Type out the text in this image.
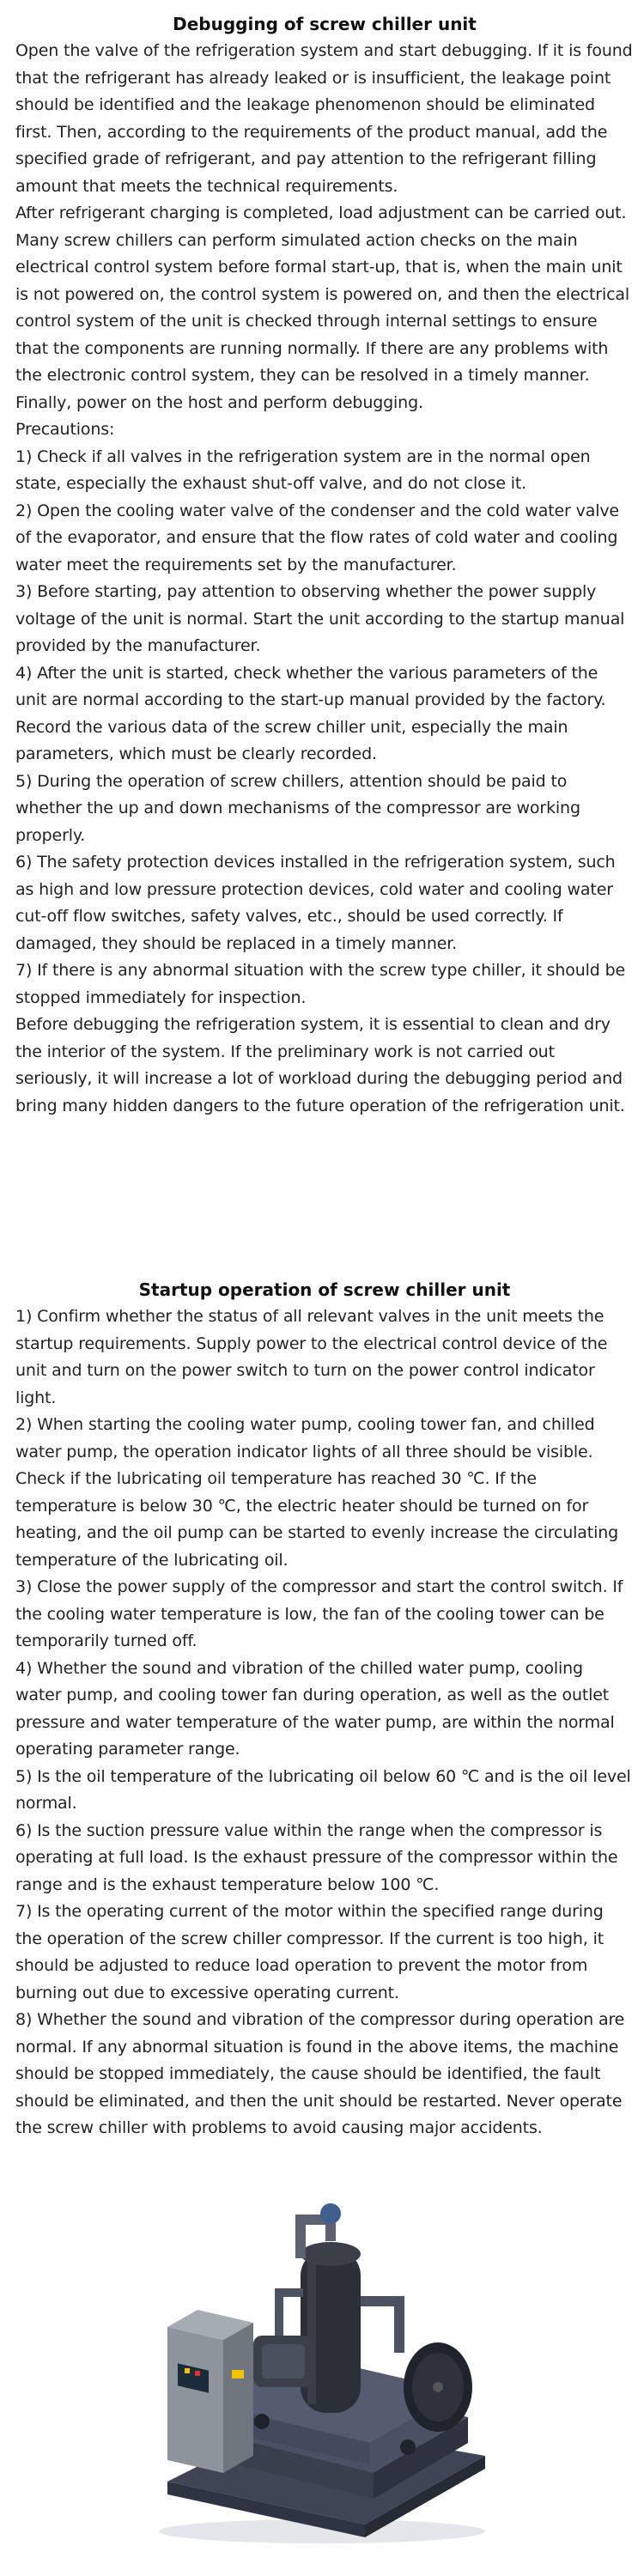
Debugging of screw chiller unit

Open the valve of the refrigeration system and start debugging. If it is found that the refrigerant has already leaked or is insufficient, the leakage point should be identified and the leakage phenomenon should be eliminated first. Then, according to the requirements of the product manual, add the specified grade of refrigerant, and pay attention to the refrigerant filling amount that meets the technical requirements.

After refrigerant charging is completed, load adjustment can be carried out. Many screw chillers can perform simulated action checks on the main electrical control system before formal start-up, that is, when the main unit is not powered on, the control system is powered on, and then the electrical control system of the unit is checked through internal settings to ensure that the components are running normally. If there are any problems with the electronic control system, they can be resolved in a timely manner. Finally, power on the host and perform debugging.

Precautions:

1) Check if all valves in the refrigeration system are in the normal open state, especially the exhaust shut-off valve, and do not close it.

2) Open the cooling water valve of the condenser and the cold water valve of the evaporator, and ensure that the flow rates of cold water and cooling water meet the requirements set by the manufacturer.

3) Before starting, pay attention to observing whether the power supply voltage of the unit is normal. Start the unit according to the startup manual provided by the manufacturer.

4) After the unit is started, check whether the various parameters of the unit are normal according to the start-up manual provided by the factory. Record the various data of the screw chiller unit, especially the main parameters, which must be clearly recorded.

5) During the operation of screw chillers, attention should be paid to whether the up and down mechanisms of the compressor are working properly.

6) The safety protection devices installed in the refrigeration system, such as high and low pressure protection devices, cold water and cooling water cut-off flow switches, safety valves, etc., should be used correctly. If damaged, they should be replaced in a timely manner.

7) If there is any abnormal situation with the screw type chiller, it should be stopped immediately for inspection.

Before debugging the refrigeration system, it is essential to clean and dry the interior of the system. If the preliminary work is not carried out seriously, it will increase a lot of workload during the debugging period and bring many hidden dangers to the future operation of the refrigeration unit.

Startup operation of screw chiller unit

1) Confirm whether the status of all relevant valves in the unit meets the startup requirements. Supply power to the electrical control device of the unit and turn on the power switch to turn on the power control indicator light.

2) When starting the cooling water pump, cooling tower fan, and chilled water pump, the operation indicator lights of all three should be visible. Check if the lubricating oil temperature has reached 30 ℃. If the temperature is below 30 ℃, the electric heater should be turned on for heating, and the oil pump can be started to evenly increase the circulating temperature of the lubricating oil.

3) Close the power supply of the compressor and start the control switch. If the cooling water temperature is low, the fan of the cooling tower can be temporarily turned off.

4) Whether the sound and vibration of the chilled water pump, cooling water pump, and cooling tower fan during operation, as well as the outlet pressure and water temperature of the water pump, are within the normal operating parameter range.

5) Is the oil temperature of the lubricating oil below 60 ℃ and is the oil level normal.

6) Is the suction pressure value within the range when the compressor is operating at full load. Is the exhaust pressure of the compressor within the range and is the exhaust temperature below 100 ℃.

7) Is the operating current of the motor within the specified range during the operation of the screw chiller compressor. If the current is too high, it should be adjusted to reduce load operation to prevent the motor from burning out due to excessive operating current.

8) Whether the sound and vibration of the compressor during operation are normal. If any abnormal situation is found in the above items, the machine should be stopped immediately, the cause should be identified, the fault should be eliminated, and then the unit should be restarted. Never operate the screw chiller with problems to avoid causing major accidents.
